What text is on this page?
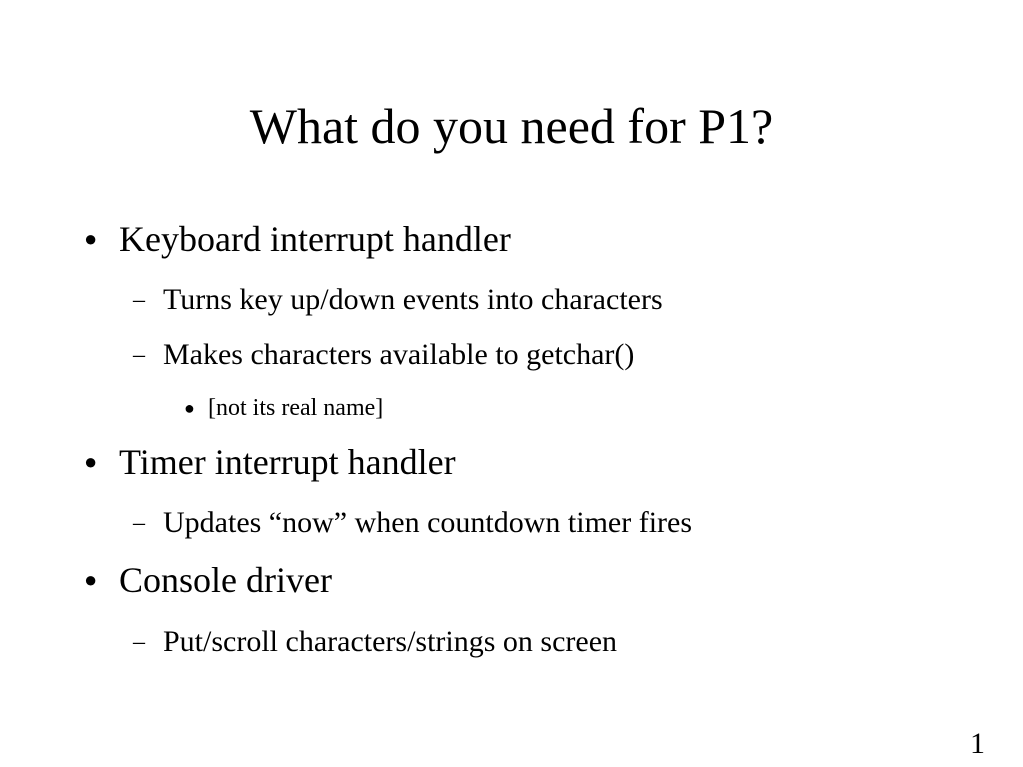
What do you need for P1?
● Keyboard interrupt handler
– Turns key up/down events into characters
– Makes characters available to getchar()
● [not its real name]
● Timer interrupt handler
– Updates “now” when countdown timer fires
● Console driver
– Put/scroll characters/strings on screen
1
